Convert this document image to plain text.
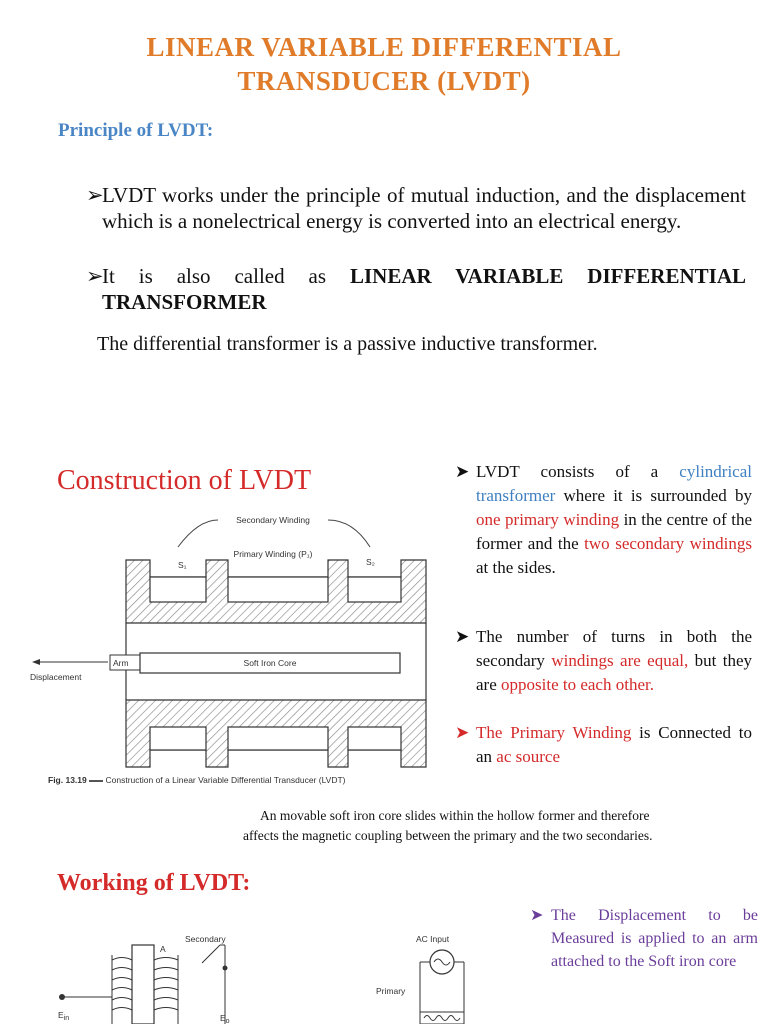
LINEAR VARIABLE DIFFERENTIAL
TRANSDUCER (LVDT)
Principle of LVDT:
➢
LVDT works under the principle of mutual induction, and the displacement which is a nonelectrical energy is converted into an electrical energy.
➢
It is also called as LINEAR VARIABLE DIFFERENTIAL TRANSFORMER
The differential transformer is a passive inductive transformer.
Construction of LVDT
Secondary Winding
Primary Winding (P₁)
S₁	S₂
Arm	Soft Iron Core
Displacement
Fig. 13.19 Construction of a Linear Variable Differential Transducer (LVDT)
➤ LVDT consists of a cylindrical transformer where it is surrounded by one primary winding in the centre of the former and the two secondary windings at the sides.
➤ The number of turns in both the secondary windings are equal, but they are opposite to each other.
➤ The Primary Winding is Connected to an ac source
An movable soft iron core slides within the hollow former and therefore
affects the magnetic coupling between the primary and the two secondaries.
Working of LVDT:
Secondary
A
$E_{in}$	$E_o$
AC Input
Primary
➤ The Displacement to be Measured is applied to an arm attached to the Soft iron core
